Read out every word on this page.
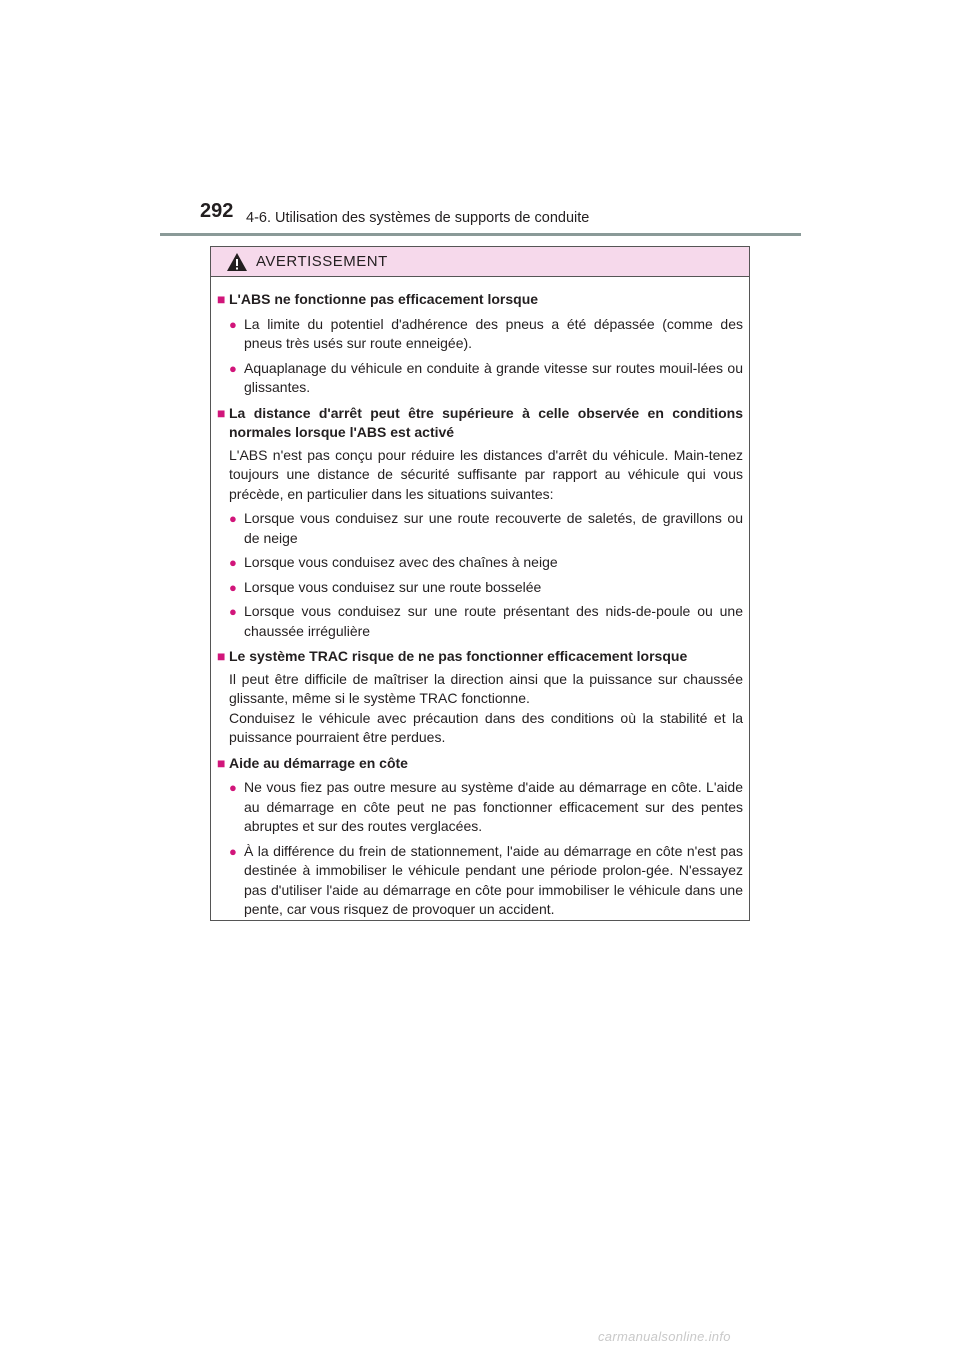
292 4-6. Utilisation des systèmes de supports de conduite
AVERTISSEMENT
■ L'ABS ne fonctionne pas efficacement lorsque
● La limite du potentiel d'adhérence des pneus a été dépassée (comme des pneus très usés sur route enneigée).
● Aquaplanage du véhicule en conduite à grande vitesse sur routes mouil-lées ou glissantes.
■ La distance d'arrêt peut être supérieure à celle observée en conditions normales lorsque l'ABS est activé
L'ABS n'est pas conçu pour réduire les distances d'arrêt du véhicule. Main-tenez toujours une distance de sécurité suffisante par rapport au véhicule qui vous précède, en particulier dans les situations suivantes:
● Lorsque vous conduisez sur une route recouverte de saletés, de gravillons ou de neige
● Lorsque vous conduisez avec des chaînes à neige
● Lorsque vous conduisez sur une route bosselée
● Lorsque vous conduisez sur une route présentant des nids-de-poule ou une chaussée irrégulière
■ Le système TRAC risque de ne pas fonctionner efficacement lorsque
Il peut être difficile de maîtriser la direction ainsi que la puissance sur chaussée glissante, même si le système TRAC fonctionne.
Conduisez le véhicule avec précaution dans des conditions où la stabilité et la puissance pourraient être perdues.
■ Aide au démarrage en côte
● Ne vous fiez pas outre mesure au système d'aide au démarrage en côte. L'aide au démarrage en côte peut ne pas fonctionner efficacement sur des pentes abruptes et sur des routes verglacées.
● À la différence du frein de stationnement, l'aide au démarrage en côte n'est pas destinée à immobiliser le véhicule pendant une période prolon-gée. N'essayez pas d'utiliser l'aide au démarrage en côte pour immobiliser le véhicule dans une pente, car vous risquez de provoquer un accident.
carmanualsonline.info
